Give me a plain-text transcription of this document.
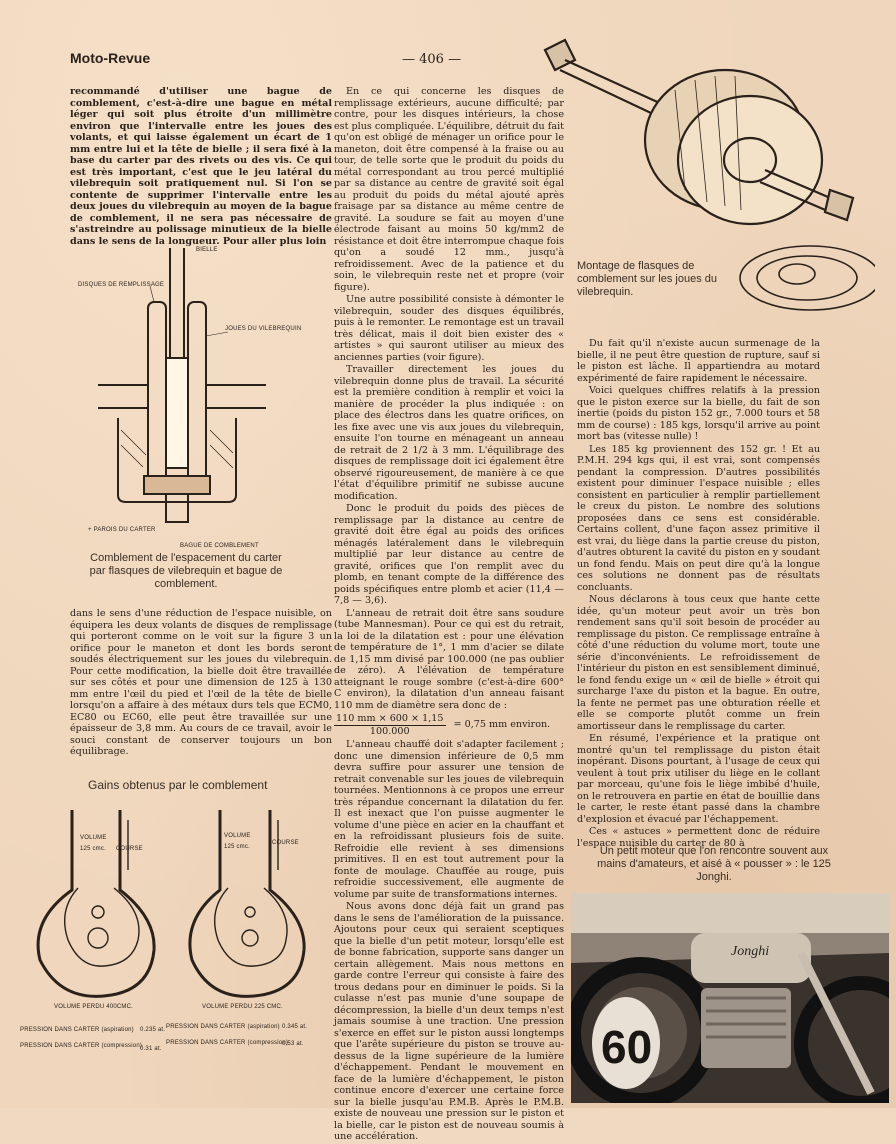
Moto-Revue	— 406 —

recommandé d'utiliser une bague de comblement, c'est-à-dire une bague en métal léger qui soit plus étroite d'un millimètre environ que l'intervalle entre les joues des volants, et qui laisse également un écart de 1 mm entre lui et la tête de bielle ; il sera fixé à la base du carter par des rivets ou des vis. Ce qui est très important, c'est que le jeu latéral du vilebrequin soit pratiquement nul. Si l'on se contente de supprimer l'intervalle entre les deux joues du vilebrequin au moyen de la bague de comblement, il ne sera pas nécessaire de s'astreindre au polissage minutieux de la bielle dans le sens de la longueur. Pour aller plus loin

BIELLE
DISQUES DE REMPLISSAGE
JOUES DU VILEBREQUIN
+ PAROIS DU CARTER
BAGUE DE COMBLEMENT
Comblement de l'espacement du carter par flasques de vilebrequin et bague de comblement.

dans le sens d'une réduction de l'espace nuisible, on équipera les deux volants de disques de remplissage qui porteront comme on le voit sur la figure 3 un orifice pour le maneton et dont les bords seront soudés électriquement sur les joues du vilebrequin. Pour cette modification, la bielle doit être travaillée sur ses côtés et pour une dimension de 125 à 130 mm entre l'œil du pied et l'œil de la tête de bielle lorsqu'on a affaire à des métaux durs tels que ECM0, EC80 ou EC60, elle peut être travaillée sur une épaisseur de 3,8 mm. Au cours de ce travail, avoir le souci constant de conserver toujours un bon équilibrage.

Gains obtenus par le comblement
VOLUME
125 cmc. COURSE
VOLUME PERDU 400CMC.
VOLUME
125 cmc.
COURSE
VOLUME PERDU 225 CMC.
PRESSION DANS CARTER (aspiration) 0.235 at. PRESSION DANS CARTER (aspiration) 0.345 at.
PRESSION DANS CARTER (compression)
0.31 at.
PRESSION DANS CARTER (compression)
0.53 at.

En ce qui concerne les disques de remplissage extérieurs, aucune difficulté; par contre, pour les disques intérieurs, la chose est plus compliquée. L'équilibre, détruit du fait qu'on est obligé de ménager un orifice pour le maneton, doit être compensé à la fraise ou au tour, de telle sorte que le produit du poids du métal correspondant au trou percé multiplié par sa distance au centre de gravité soit égal au produit du poids du métal ajouté après fraisage par sa distance au même centre de gravité. La soudure se fait au moyen d'une électrode faisant au moins 50 kg/mm2 de résistance et doit être interrompue chaque fois qu'on a soudé 12 mm., jusqu'à refroidissement. Avec de la patience et du soin, le vilebrequin reste net et propre (voir figure).

Une autre possibilité consiste à démonter le vilebrequin, souder des disques équilibrés, puis à le remonter. Le remontage est un travail très délicat, mais il doit bien exister des « artistes » qui sauront utiliser au mieux des anciennes parties (voir figure).

Travailler directement les joues du vilebrequin donne plus de travail. La sécurité est la première condition à remplir et voici la manière de procéder la plus indiquée : on place des électros dans les quatre orifices, on les fixe avec une vis aux joues du vilebrequin, ensuite l'on tourne en ménageant un anneau de retrait de 2 1/2 à 3 mm. L'équilibrage des disques de remplissage doit ici également être observé rigoureusement, de manière à ce que l'état d'équilibre primitif ne subisse aucune modification.

Donc le produit du poids des pièces de remplissage par la distance au centre de gravité doit être égal au poids des orifices ménagés latéralement dans le vilebrequin multiplié par leur distance au centre de gravité, orifices que l'on remplit avec du plomb, en tenant compte de la différence des poids spécifiques entre plomb et acier (11,4 — 7,8 — 3,6).

L'anneau de retrait doit être sans soudure (tube Mannesman). Pour ce qui est du retrait, la loi de la dilatation est : pour une élévation de température de 1°, 1 mm d'acier se dilate de 1,15 mm divisé par 100.000 (ne pas oublier de zéro). A l'élévation de température atteignant le rouge sombre (c'est-à-dire 600° C environ), la dilatation d'un anneau faisant 110 mm de diamètre sera donc de :

$\frac{110 mm \times 600 \times 1,15}{100.000} = 0,75$ mm environ.

L'anneau chauffé doit s'adapter facilement ; donc une dimension inférieure de 0,5 mm devra suffire pour assurer une tension de retrait convenable sur les joues de vilebrequin tournées. Mentionnons à ce propos une erreur très répandue concernant la dilatation du fer. Il est inexact que l'on puisse augmenter le volume d'une pièce en acier en la chauffant et en la refroidissant plusieurs fois de suite. Refroidie elle revient à ses dimensions primitives. Il en est tout autrement pour la fonte de moulage. Chauffée au rouge, puis refroidie successivement, elle augmente de volume par suite de transformations internes.

Nous avons donc déjà fait un grand pas dans le sens de l'amélioration de la puissance. Ajoutons pour ceux qui seraient sceptiques que la bielle d'un petit moteur, lorsqu'elle est de bonne fabrication, supporte sans danger un certain allègement. Mais nous mettons en garde contre l'erreur qui consiste à faire des trous dedans pour en diminuer le poids. Si la culasse n'est pas munie d'une soupape de décompression, la bielle d'un deux temps n'est jamais soumise à une traction. Une pression s'exerce en effet sur le piston aussi longtemps que l'arête supérieure du piston se trouve au-dessus de la ligne supérieure de la lumière d'échappement. Pendant le mouvement en face de la lumière d'échappement, le piston continue encore d'exercer une certaine force sur la bielle jusqu'au P.M.B. Après le P.M.B. existe de nouveau une pression sur le piston et la bielle, car le piston est de nouveau soumis à une accélération.

Montage de flasques de comblement sur les joues du vilebrequin.

Du fait qu'il n'existe aucun surmenage de la bielle, il ne peut être question de rupture, sauf si le piston est lâche. Il appartiendra au motard expérimenté de faire rapidement le nécessaire.

Voici quelques chiffres relatifs à la pression que le piston exerce sur la bielle, du fait de son inertie (poids du piston 152 gr., 7.000 tours et 58 mm de course) : 185 kgs, lorsqu'il arrive au point mort bas (vitesse nulle) !

Les 185 kg proviennent des 152 gr. ! Et au P.M.H. 294 kgs qui, il est vrai, sont compensés pendant la compression. D'autres possibilités existent pour diminuer l'espace nuisible ; elles consistent en particulier à remplir partiellement le creux du piston. Le nombre des solutions proposées dans ce sens est considérable. Certains collent, d'une façon assez primitive il est vrai, du liège dans la partie creuse du piston, d'autres obturent la cavité du piston en y soudant un fond fendu. Mais on peut dire qu'à la longue ces solutions ne donnent pas de résultats concluants.

Nous déclarons à tous ceux que hante cette idée, qu'un moteur peut avoir un très bon rendement sans qu'il soit besoin de procéder au remplissage du piston. Ce remplissage entraîne à côté d'une réduction du volume mort, toute une série d'inconvénients. Le refroidissement de l'intérieur du piston en est sensiblement diminué, le fond fendu exige un « œil de bielle » étroit qui surcharge l'axe du piston et la bague. En outre, la fente ne permet pas une obturation réelle et elle se comporte plutôt comme un frein amortisseur dans le remplissage du carter.

En résumé, l'expérience et la pratique ont montré qu'un tel remplissage du piston était inopérant. Disons pourtant, à l'usage de ceux qui veulent à tout prix utiliser du liège en le collant par morceau, qu'une fois le liège imbibé d'huile, on le retrouvera en partie en état de bouillie dans le carter, le reste étant passé dans la chambre d'explosion et évacué par l'échappement.

Ces « astuces » permettent donc de réduire l'espace nuisible du carter de 80 à

Un petit moteur que l'on rencontre souvent aux mains d'amateurs, et aisé à « pousser » : le 125 Jonghi.
60
Jonghi
